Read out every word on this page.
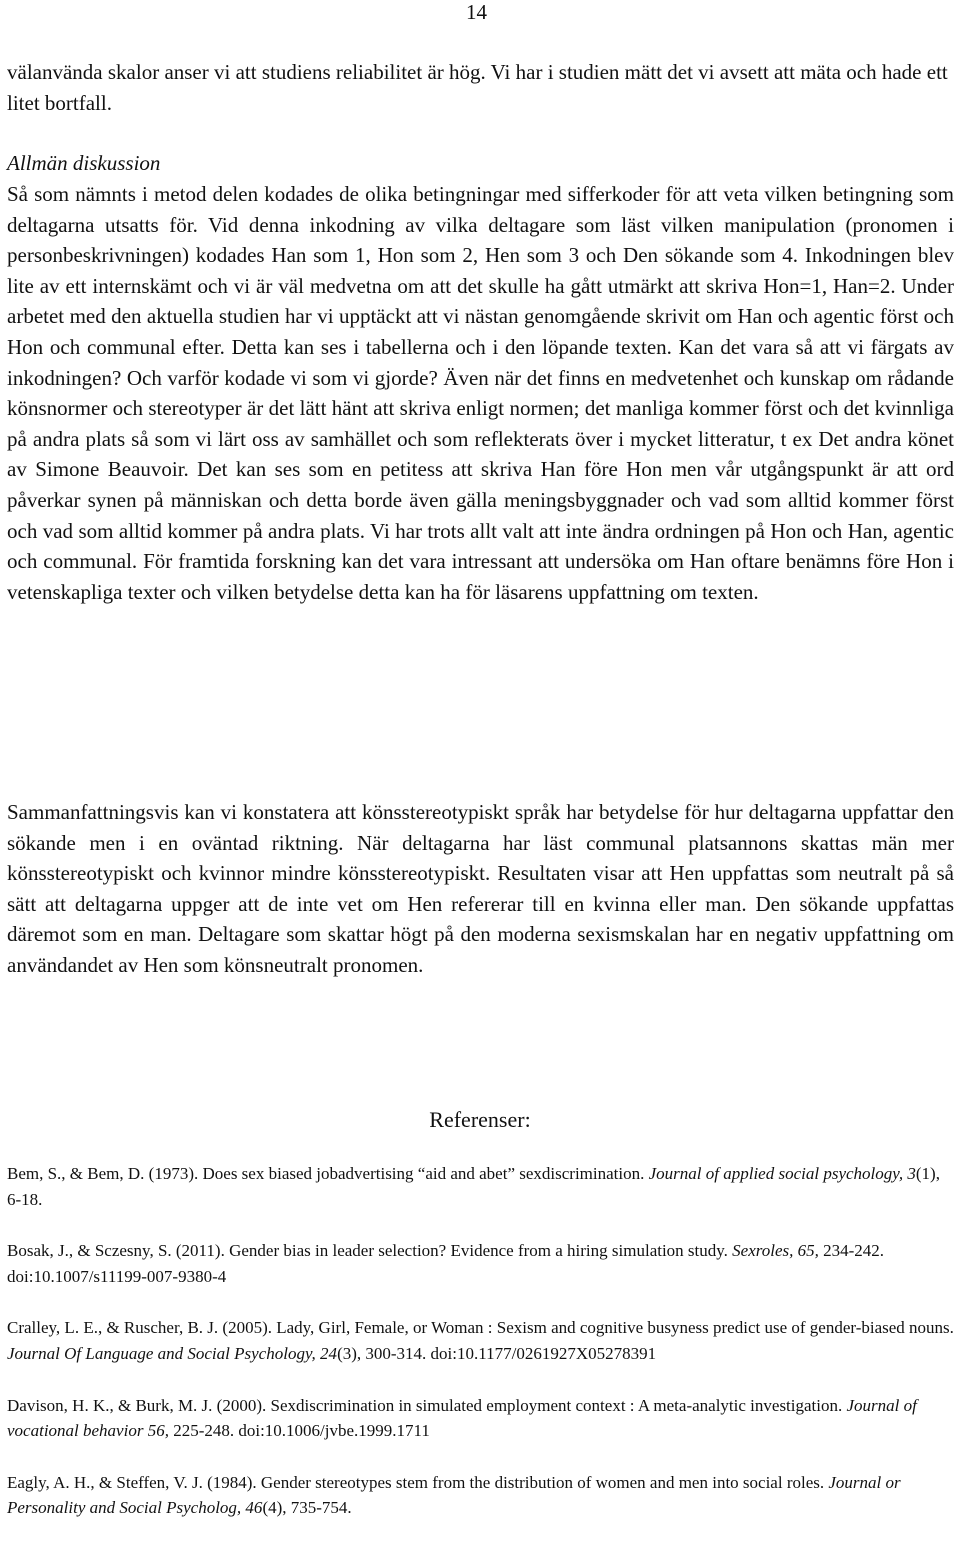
14

välanvända skalor anser vi att studiens reliabilitet är hög. Vi har i studien mätt det vi avsett att mäta och hade ett litet bortfall.

Allmän diskussion

Så som nämnts i metod delen kodades de olika betingningar med sifferkoder för att veta vilken betingning som deltagarna utsatts för. Vid denna inkodning av vilka deltagare som läst vilken manipulation (pronomen i personbeskrivningen) kodades Han som 1, Hon som 2, Hen som 3 och Den sökande som 4. Inkodningen blev lite av ett internskämt och vi är väl medvetna om att det skulle ha gått utmärkt att skriva Hon=1, Han=2. Under arbetet med den aktuella studien har vi upptäckt att vi nästan genomgående skrivit om Han och agentic först och Hon och communal efter. Detta kan ses i tabellerna och i den löpande texten. Kan det vara så att vi färgats av inkodningen? Och varför kodade vi som vi gjorde? Även när det finns en medvetenhet och kunskap om rådande könsnormer och stereotyper är det lätt hänt att skriva enligt normen; det manliga kommer först och det kvinnliga på andra plats så som vi lärt oss av samhället och som reflekterats över i mycket litteratur, t ex Det andra könet av Simone Beauvoir. Det kan ses som en petitess att skriva Han före Hon men vår utgångspunkt är att ord påverkar synen på människan och detta borde även gälla meningsbyggnader och vad som alltid kommer först och vad som alltid kommer på andra plats. Vi har trots allt valt att inte ändra ordningen på Hon och Han, agentic och communal. För framtida forskning kan det vara intressant att undersöka om Han oftare benämns före Hon i vetenskapliga texter och vilken betydelse detta kan ha för läsarens uppfattning om texten.

Sammanfattningsvis kan vi konstatera att könsstereotypiskt språk har betydelse för hur deltagarna uppfattar den sökande men i en oväntad riktning. När deltagarna har läst communal platsannons skattas män mer könsstereotypiskt och kvinnor mindre könsstereotypiskt. Resultaten visar att Hen uppfattas som neutralt på så sätt att deltagarna uppger att de inte vet om Hen refererar till en kvinna eller man. Den sökande uppfattas däremot som en man. Deltagare som skattar högt på den moderna sexismskalan har en negativ uppfattning om användandet av Hen som könsneutralt pronomen.

Referenser:
Bem, S., & Bem, D. (1973). Does sex biased jobadvertising “aid and abet” sexdiscrimination. Journal of applied social psychology, 3(1), 6-18.
Bosak, J., & Sczesny, S. (2011). Gender bias in leader selection? Evidence from a hiring simulation study. Sexroles, 65, 234-242. doi:10.1007/s11199-007-9380-4
Cralley, L. E., & Ruscher, B. J. (2005). Lady, Girl, Female, or Woman : Sexism and cognitive busyness predict use of gender-biased nouns. Journal Of Language and Social Psychology, 24(3), 300-314. doi:10.1177/0261927X05278391
Davison, H. K., & Burk, M. J. (2000). Sexdiscrimination in simulated employment context : A meta-analytic investigation. Journal of vocational behavior 56, 225-248. doi:10.1006/jvbe.1999.1711
Eagly, A. H., & Steffen, V. J. (1984). Gender stereotypes stem from the distribution of women and men into social roles. Journal or Personality and Social Psycholog, 46(4), 735-754.
